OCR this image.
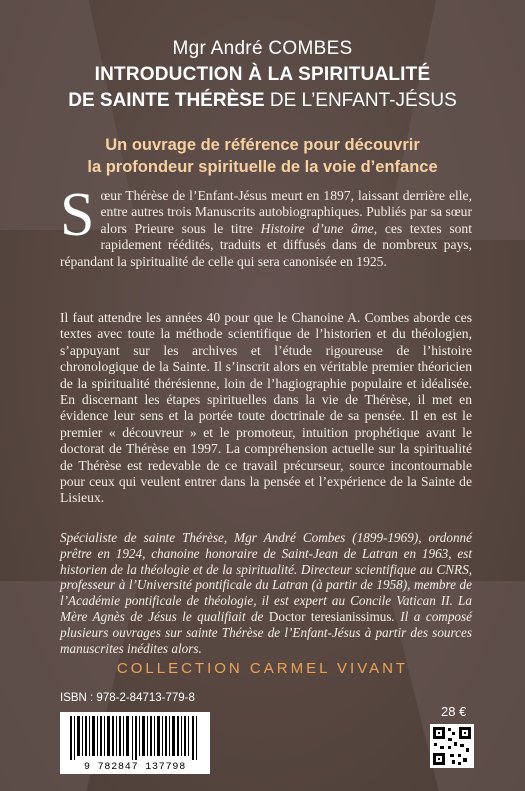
Mgr André COMBES
INTRODUCTION À LA SPIRITUALITÉ
DE SAINTE THÉRÈSE DE L’ENFANT-JÉSUS
Un ouvrage de référence pour découvrir
la profondeur spirituelle de la voie d’enfance

Sœur Thérèse de l’Enfant-Jésus meurt en 1897, laissant derrière elle, entre autres trois Manuscrits autobiographiques. Publiés par sa sœur alors Prieure sous le titre Histoire d’une âme, ces textes sont rapidement réédités, traduits et diffusés dans de nombreux pays, répandant la spiritualité de celle qui sera canonisée en 1925.

Il faut attendre les années 40 pour que le Chanoine A. Combes aborde ces textes avec toute la méthode scientifique de l’historien et du théologien, s’appuyant sur les archives et l’étude rigoureuse de l’histoire chronologique de la Sainte. Il s’inscrit alors en véritable premier théoricien de la spiritualité thérésienne, loin de l’hagiographie populaire et idéalisée. En discernant les étapes spirituelles dans la vie de Thérèse, il met en évidence leur sens et la portée toute doctrinale de sa pensée. Il en est le premier « découvreur » et le promoteur, intuition prophétique avant le doctorat de Thérèse en 1997. La compréhension actuelle sur la spiritualité de Thérèse est redevable de ce travail précurseur, source incontournable pour ceux qui veulent entrer dans la pensée et l’expérience de la Sainte de Lisieux.

Spécialiste de sainte Thérèse, Mgr André Combes (1899-1969), ordonné prêtre en 1924, chanoine honoraire de Saint-Jean de Latran en 1963, est historien de la théologie et de la spiritualité. Directeur scientifique au CNRS, professeur à l’Université pontificale du Latran (à partir de 1958), membre de l’Académie pontificale de théologie, il est expert au Concile Vatican II. La Mère Agnès de Jésus le qualifiait de Doctor teresianissimus. Il a composé plusieurs ouvrages sur sainte Thérèse de l’Enfant-Jésus à partir des sources manuscrites inédites alors.

COLLECTION CARMEL VIVANT
ISBN : 978-2-84713-779-8
9 782847 137798
28 €
